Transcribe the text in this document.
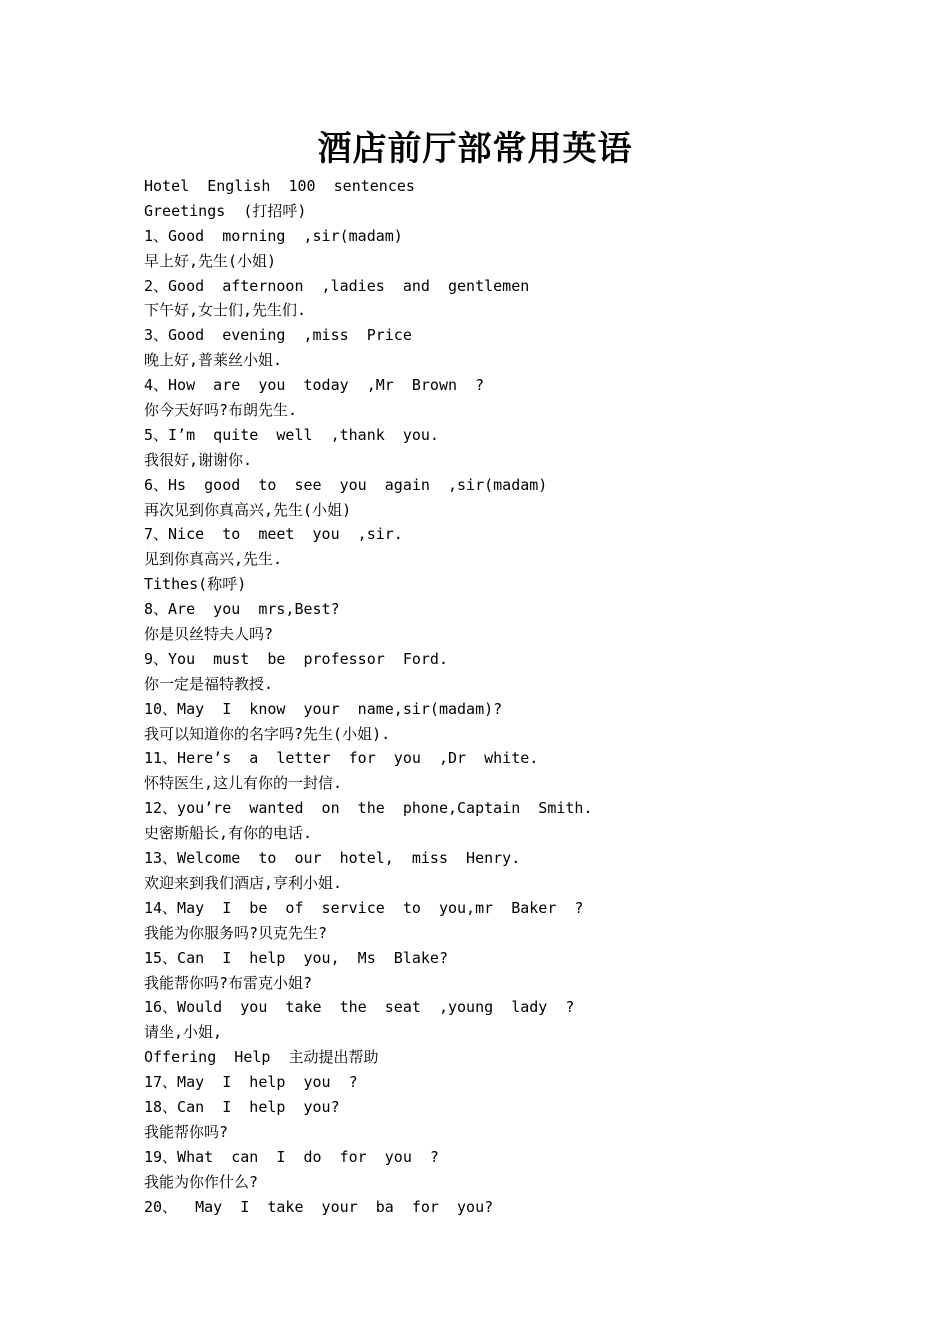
酒店前厅部常用英语
Hotel  English  100  sentences
Greetings  (打招呼)
1、Good  morning  ,sir(madam)
早上好,先生(小姐)
2、Good  afternoon  ,ladies  and  gentlemen
下午好,女士们,先生们.
3、Good  evening  ,miss  Price
晚上好,普莱丝小姐.
4、How  are  you  today  ,Mr  Brown  ?
你今天好吗?布朗先生.
5、I’m  quite  well  ,thank  you.
我很好,谢谢你.
6、Hs  good  to  see  you  again  ,sir(madam)
再次见到你真高兴,先生(小姐)
7、Nice  to  meet  you  ,sir.
见到你真高兴,先生.
Tithes(称呼)
8、Are  you  mrs,Best?
你是贝丝特夫人吗?
9、You  must  be  professor  Ford.
你一定是福特教授.
10、May  I  know  your  name,sir(madam)?
我可以知道你的名字吗?先生(小姐).
11、Here’s  a  letter  for  you  ,Dr  white.
怀特医生,这儿有你的一封信.
12、you’re  wanted  on  the  phone,Captain  Smith.
史密斯船长,有你的电话.
13、Welcome  to  our  hotel,  miss  Henry.
欢迎来到我们酒店,亨利小姐.
14、May  I  be  of  service  to  you,mr  Baker  ?
我能为你服务吗?贝克先生?
15、Can  I  help  you,  Ms  Blake?
我能帮你吗?布雷克小姐?
16、Would  you  take  the  seat  ,young  lady  ?
请坐,小姐,
Offering  Help  主动提出帮助
17、May  I  help  you  ?
18、Can  I  help  you?
我能帮你吗?
19、What  can  I  do  for  you  ?
我能为你作什么?
20、  May  I  take  your  ba  for  you?
